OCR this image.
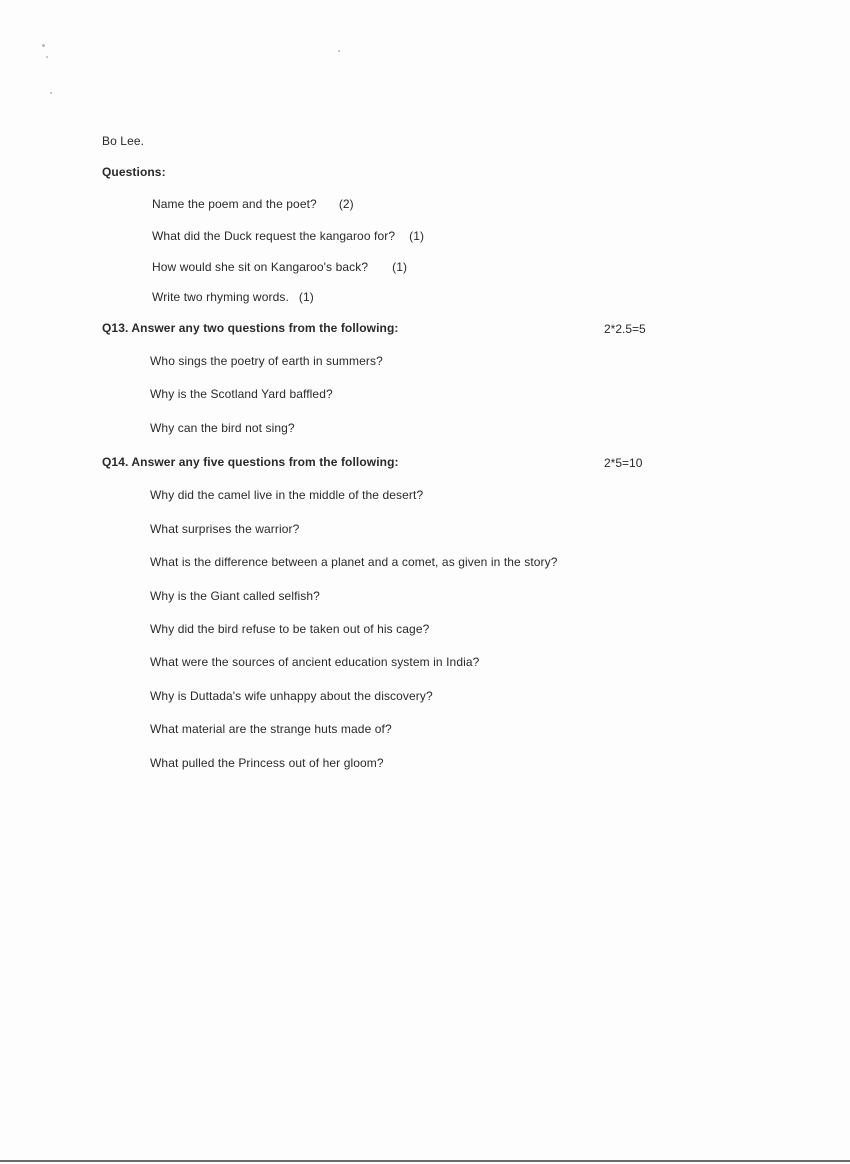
Bo Lee.
Questions:
Name the poem and the poet? (2)
What did the Duck request the kangaroo for? (1)
How would she sit on Kangaroo's back? (1)
Write two rhyming words. (1)
Q13. Answer any two questions from the following:	2*2.5=5
Who sings the poetry of earth in summers?
Why is the Scotland Yard baffled?
Why can the bird not sing?
Q14. Answer any five questions from the following:	2*5=10
Why did the camel live in the middle of the desert?
What surprises the warrior?
What is the difference between a planet and a comet, as given in the story?
Why is the Giant called selfish?
Why did the bird refuse to be taken out of his cage?
What were the sources of ancient education system in India?
Why is Duttada's wife unhappy about the discovery?
What material are the strange huts made of?
What pulled the Princess out of her gloom?
